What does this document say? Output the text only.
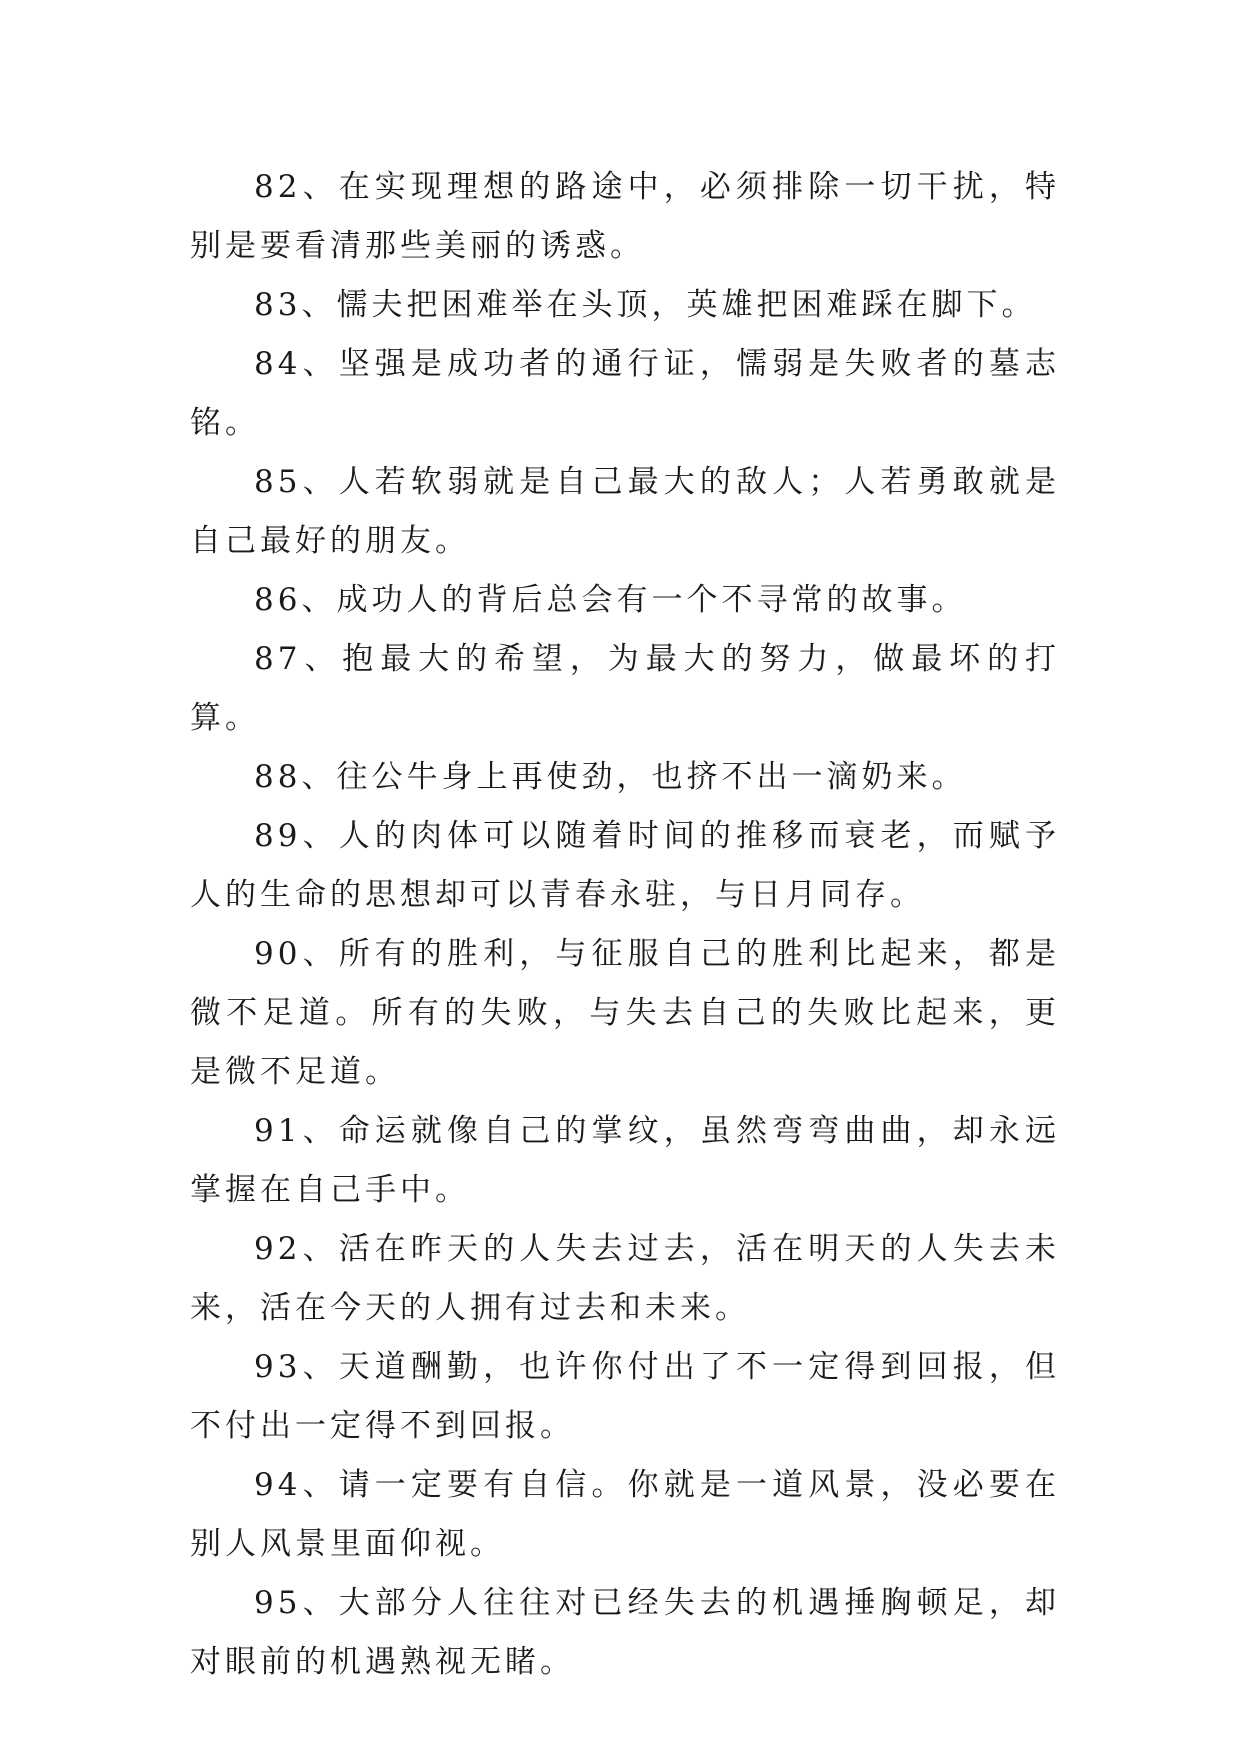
82、在实现理想的路途中，必须排除一切干扰，特别是要看清那些美丽的诱惑。

83、懦夫把困难举在头顶，英雄把困难踩在脚下。

84、坚强是成功者的通行证，懦弱是失败者的墓志铭。

85、人若软弱就是自己最大的敌人；人若勇敢就是自己最好的朋友。

86、成功人的背后总会有一个不寻常的故事。

87、抱最大的希望，为最大的努力，做最坏的打算。

88、往公牛身上再使劲，也挤不出一滴奶来。

89、人的肉体可以随着时间的推移而衰老，而赋予人的生命的思想却可以青春永驻，与日月同存。

90、所有的胜利，与征服自己的胜利比起来，都是微不足道。所有的失败，与失去自己的失败比起来，更是微不足道。

91、命运就像自己的掌纹，虽然弯弯曲曲，却永远掌握在自己手中。

92、活在昨天的人失去过去，活在明天的人失去未来，活在今天的人拥有过去和未来。

93、天道酬勤，也许你付出了不一定得到回报，但不付出一定得不到回报。

94、请一定要有自信。你就是一道风景，没必要在别人风景里面仰视。

95、大部分人往往对已经失去的机遇捶胸顿足，却对眼前的机遇熟视无睹。
